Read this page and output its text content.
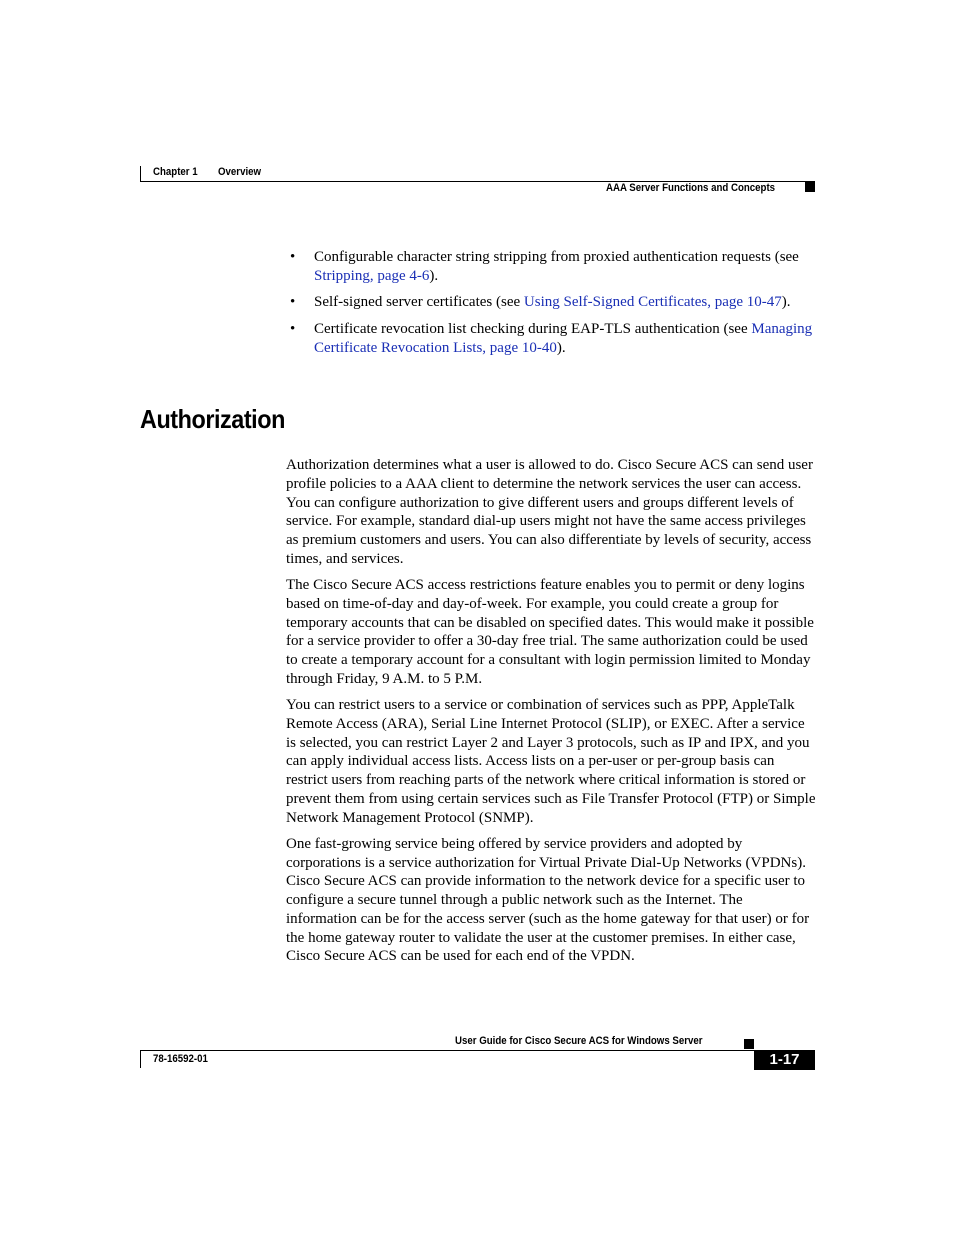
Chapter 1 Overview
AAA Server Functions and Concepts
• Configurable character string stripping from proxied authentication requests (see Stripping, page 4-6).
• Self-signed server certificates (see Using Self-Signed Certificates, page 10-47).
• Certificate revocation list checking during EAP-TLS authentication (see Managing Certificate Revocation Lists, page 10-40).
Authorization

Authorization determines what a user is allowed to do. Cisco Secure ACS can send user profile policies to a AAA client to determine the network services the user can access. You can configure authorization to give different users and groups different levels of service. For example, standard dial-up users might not have the same access privileges as premium customers and users. You can also differentiate by levels of security, access times, and services.

The Cisco Secure ACS access restrictions feature enables you to permit or deny logins based on time-of-day and day-of-week. For example, you could create a group for temporary accounts that can be disabled on specified dates. This would make it possible for a service provider to offer a 30-day free trial. The same authorization could be used to create a temporary account for a consultant with login permission limited to Monday through Friday, 9 A.M. to 5 P.M.

You can restrict users to a service or combination of services such as PPP, AppleTalk Remote Access (ARA), Serial Line Internet Protocol (SLIP), or EXEC. After a service is selected, you can restrict Layer 2 and Layer 3 protocols, such as IP and IPX, and you can apply individual access lists. Access lists on a per-user or per-group basis can restrict users from reaching parts of the network where critical information is stored or prevent them from using certain services such as File Transfer Protocol (FTP) or Simple Network Management Protocol (SNMP).

One fast-growing service being offered by service providers and adopted by corporations is a service authorization for Virtual Private Dial-Up Networks (VPDNs). Cisco Secure ACS can provide information to the network device for a specific user to configure a secure tunnel through a public network such as the Internet. The information can be for the access server (such as the home gateway for that user) or for the home gateway router to validate the user at the customer premises. In either case, Cisco Secure ACS can be used for each end of the VPDN.

User Guide for Cisco Secure ACS for Windows Server
78-16592-01	1-17
